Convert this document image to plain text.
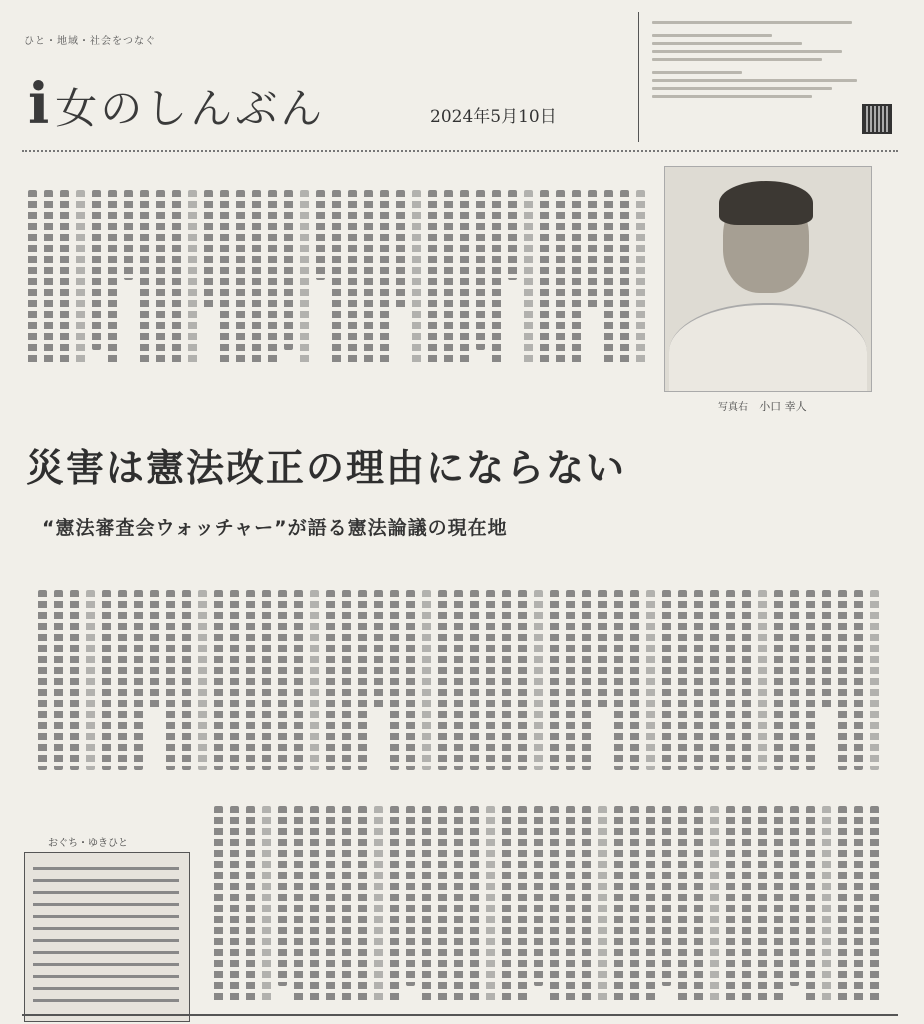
ひと・地域・社会をつなぐ
i 女のしんぶん	2024年5月10日
写真右 小口 幸人
災害は憲法改正の理由にならない
“憲法審査会ウォッチャー”が語る憲法論議の現在地
おぐち・ゆきひと
